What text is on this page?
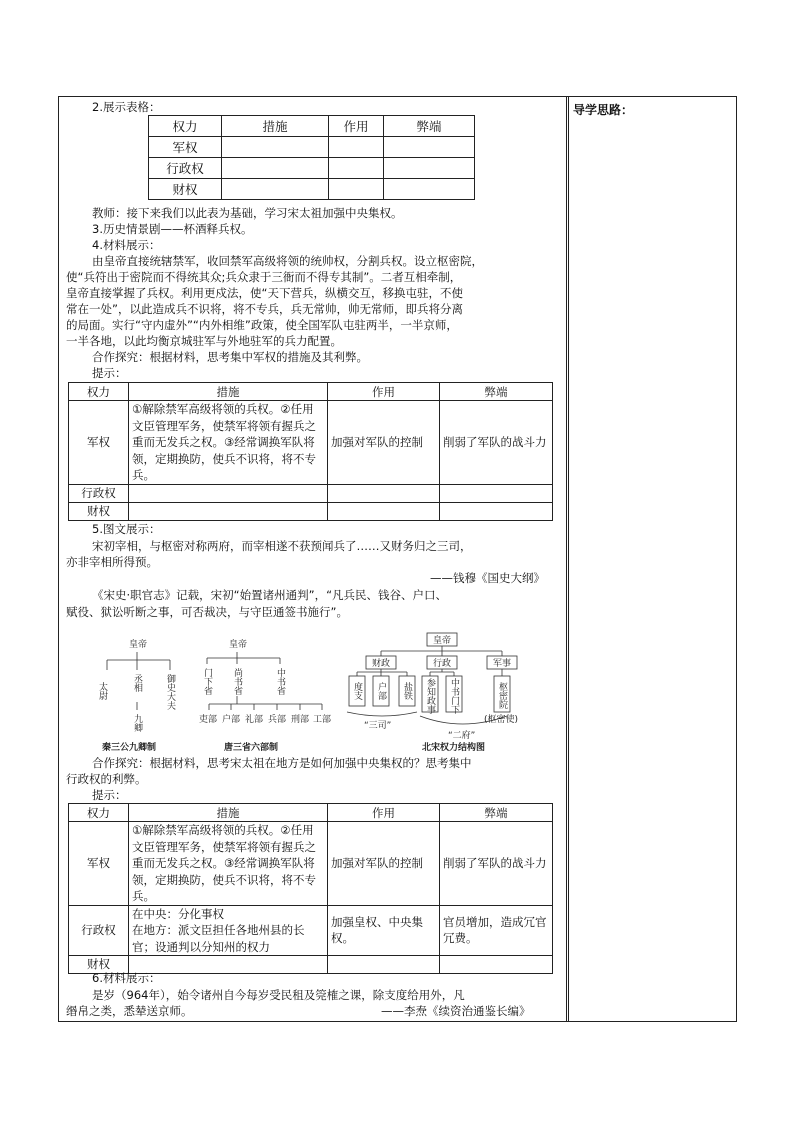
导学思路：
2.展示表格：
权力	措施	作用	弊端
军权			
行政权			
财权			
教师：接下来我们以此表为基础，学习宋太祖加强中央集权。
3.历史情景剧——杯酒释兵权。
4.材料展示：
由皇帝直接统辖禁军，收回禁军高级将领的统帅权，分割兵权。设立枢密院，
使“兵符出于密院而不得统其众;兵众隶于三衙而不得专其制”。二者互相牵制，
皇帝直接掌握了兵权。利用更戍法，使“天下营兵，纵横交互，移换屯驻，不使
常在一处”，以此造成兵不识将，将不专兵，兵无常帅，帅无常师，即兵将分离
的局面。实行“守内虚外”“内外相维”政策，使全国军队屯驻两半，一半京师，
一半各地，以此均衡京城驻军与外地驻军的兵力配置。
合作探究：根据材料，思考集中军权的措施及其利弊。
提示：
权力	措施	作用	弊端
军权	①解除禁军高级将领的兵权。②任用文臣管理军务，使禁军将领有握兵之重而无发兵之权。③经常调换军队将领，定期换防，使兵不识将，将不专兵。	加强对军队的控制	削弱了军队的战斗力
行政权			
财权			
5.图文展示：
宋初宰相，与枢密对称两府，而宰相遂不获预闻兵了……又财务归之三司，
亦非宰相所得预。
——钱穆《国史大纲》
《宋史·职官志》记载，宋初“始置诸州通判”，“凡兵民、钱谷、户口、
赋役、狱讼听断之事，可否裁决，与守臣通签书施行”。
皇帝
太尉	丞相	御史大夫
九卿
秦三公九卿制
皇帝
门下省 尚书省	中书省
吏部 户部 礼部 兵部 刑部 工部
唐三省六部制
皇帝
财政	行政	军事
度支 户部 盐铁 参知政事 中书门下	枢密院
“三司”
(枢密使)
“二府”
北宋权力结构图
合作探究：根据材料，思考宋太祖在地方是如何加强中央集权的？思考集中
行政权的利弊。
提示：
权力	措施	作用	弊端
军权	①解除禁军高级将领的兵权。②任用文臣管理军务，使禁军将领有握兵之重而无发兵之权。③经常调换军队将领，定期换防，使兵不识将，将不专兵。	加强对军队的控制	削弱了军队的战斗力
行政权	在中央：分化事权
在地方：派文臣担任各地州县的长官；设通判以分知州的权力	加强皇权、中央集权。	官员增加，造成冗官冗费。
财权			
6.材料展示：
是岁（964年），始令诸州自今每岁受民租及筦榷之课，除支度给用外，凡
缗帛之类，悉辇送京师。	——李焘《续资治通鉴长编》
